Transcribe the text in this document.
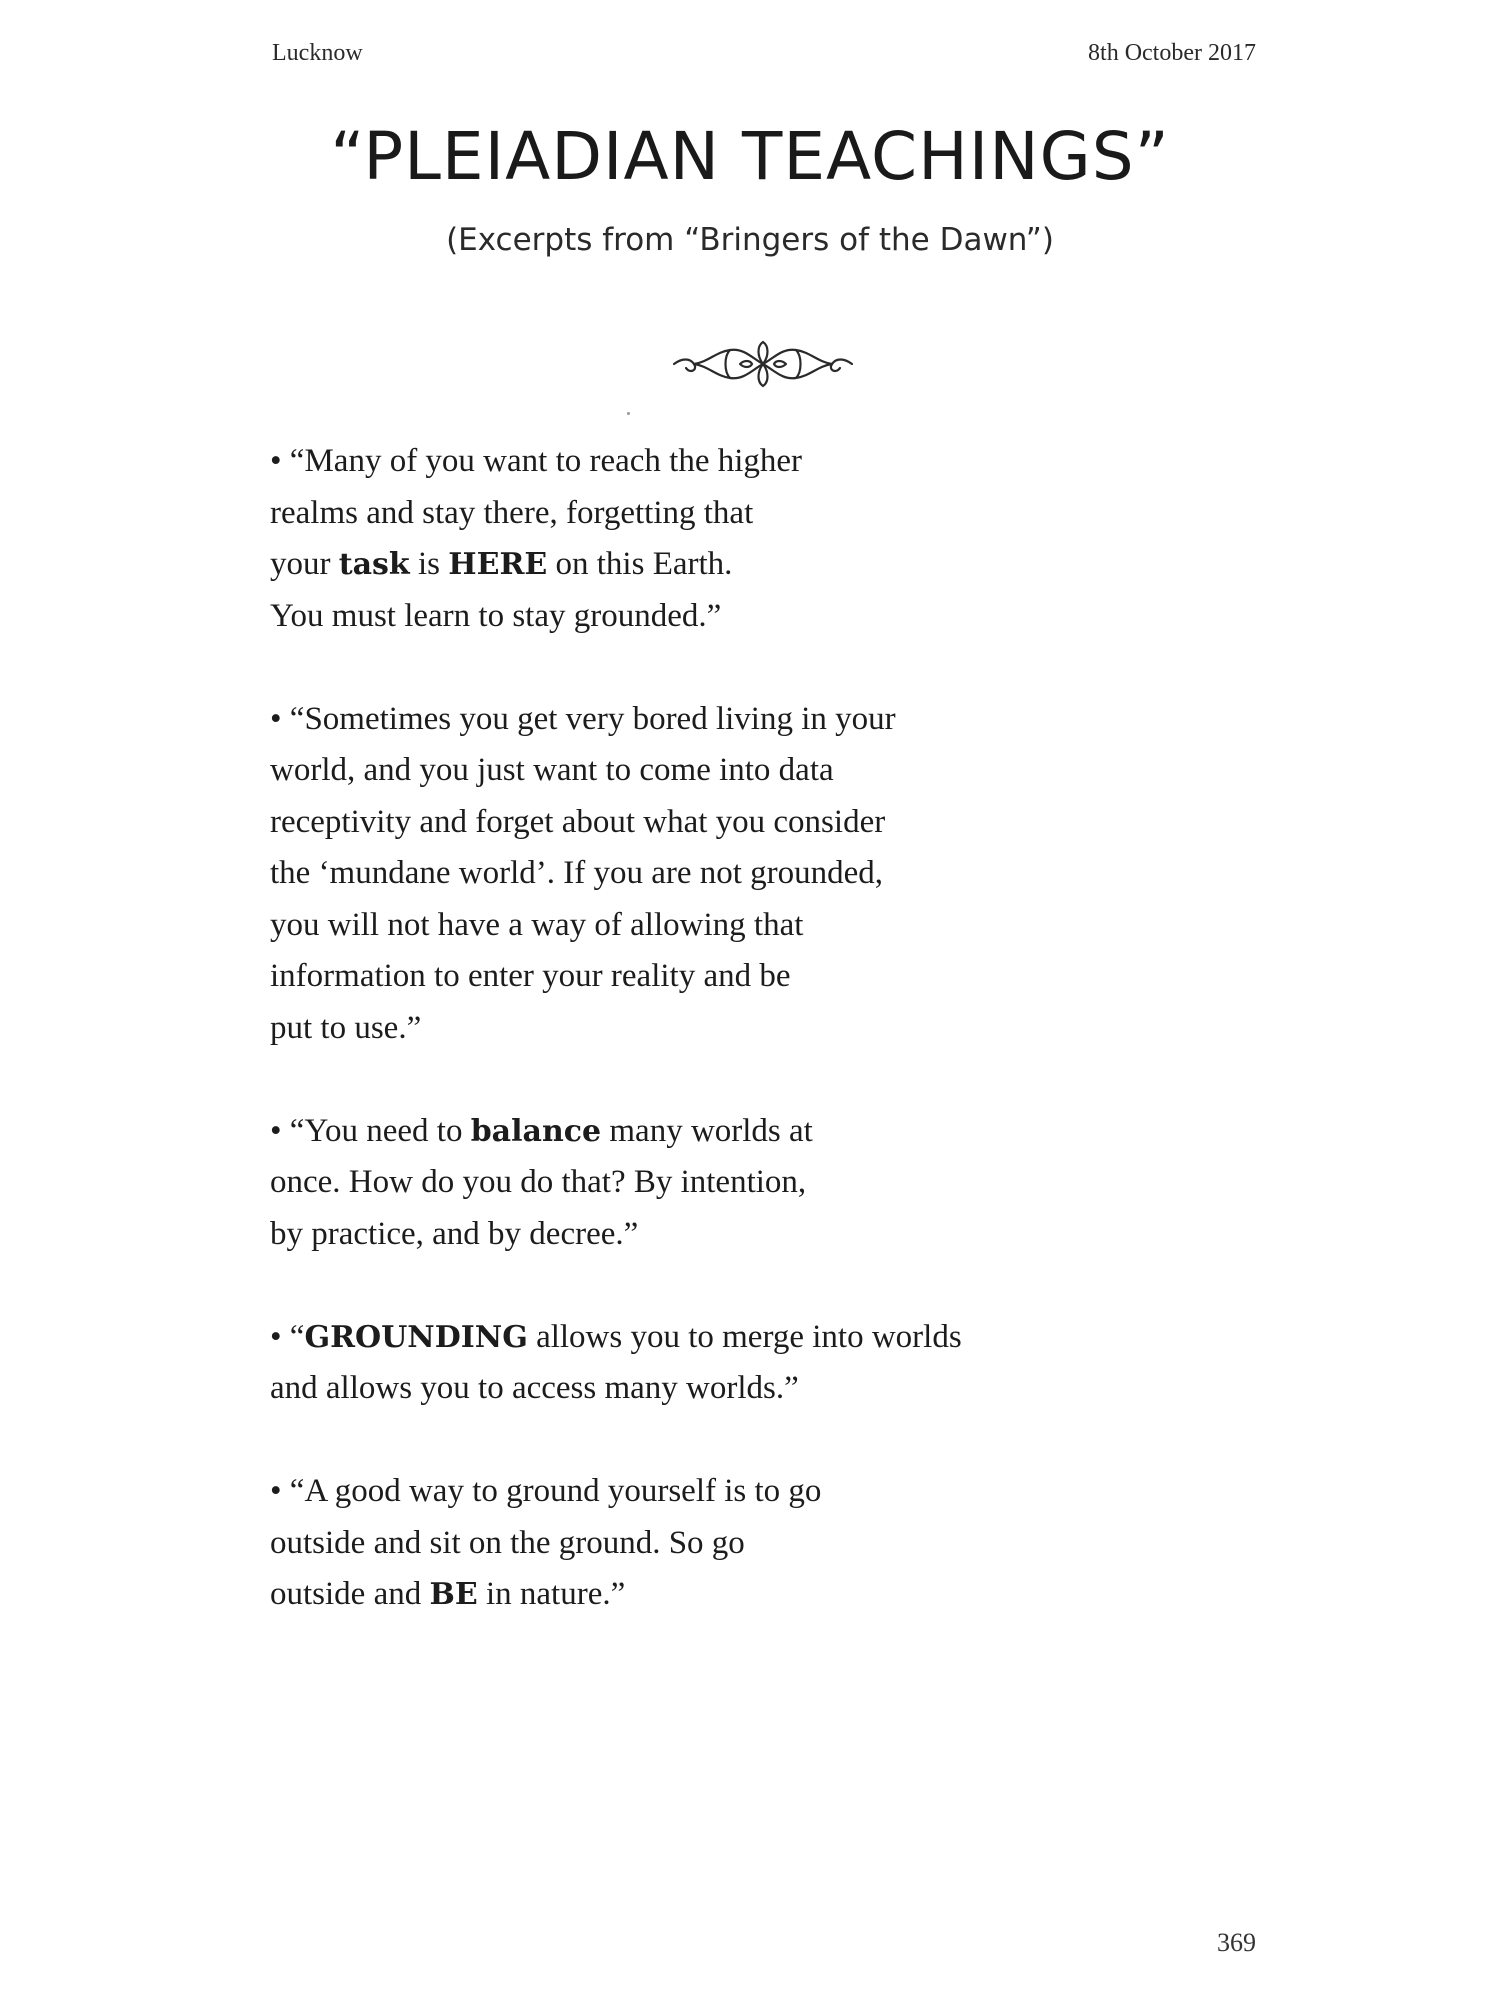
Lucknow	8th October 2017
“PLEIADIAN TEACHINGS”

(Excerpts from “Bringers of the Dawn”)

• “Many of you want to reach the higher
realms and stay there, forgetting that
your task is HERE on this Earth.
You must learn to stay grounded.”

• “Sometimes you get very bored living in your
world, and you just want to come into data
receptivity and forget about what you consider
the ‘mundane world’. If you are not grounded,
you will not have a way of allowing that
information to enter your reality and be
put to use.”

• “You need to balance many worlds at
once. How do you do that? By intention,
by practice, and by decree.”

• “GROUNDING allows you to merge into worlds
and allows you to access many worlds.”

• “A good way to ground yourself is to go
outside and sit on the ground. So go
outside and BE in nature.”

369
